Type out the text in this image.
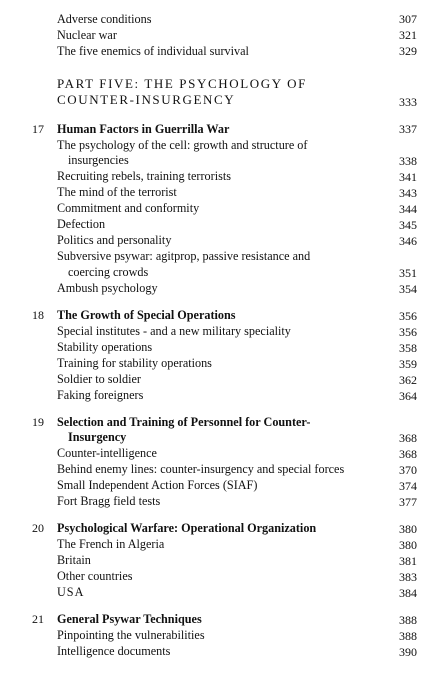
Adverse conditions	307
Nuclear war	321
The five enemics of individual survival	329
PART FIVE: THE PSYCHOLOGY OF
COUNTER-INSURGENCY	333
17 Human Factors in Guerrilla War	337
The psychology of the cell: growth and structure of
insurgencies	338
Recruiting rebels, training terrorists	341
The mind of the terrorist	343
Commitment and conformity	344
Defection	345
Politics and personality	346
Subversive psywar: agitprop, passive resistance and
coercing crowds	351
Ambush psychology	354
18 The Growth of Special Operations	356
Special institutes - and a new military speciality	356
Stability operations	358
Training for stability operations	359
Soldier to soldier	362
Faking foreigners	364
19 Selection and Training of Personnel for Counter-
Insurgency	368
Counter-intelligence	368
Behind enemy lines: counter-insurgency and special forces	370
Small Independent Action Forces (SIAF)	374
Fort Bragg field tests	377
20 Psychological Warfare: Operational Organization	380
The French in Algeria	380
Britain	381
Other countries	383
USA	384
21 General Psywar Techniques	388
Pinpointing the vulnerabilities	388
Intelligence documents	390
